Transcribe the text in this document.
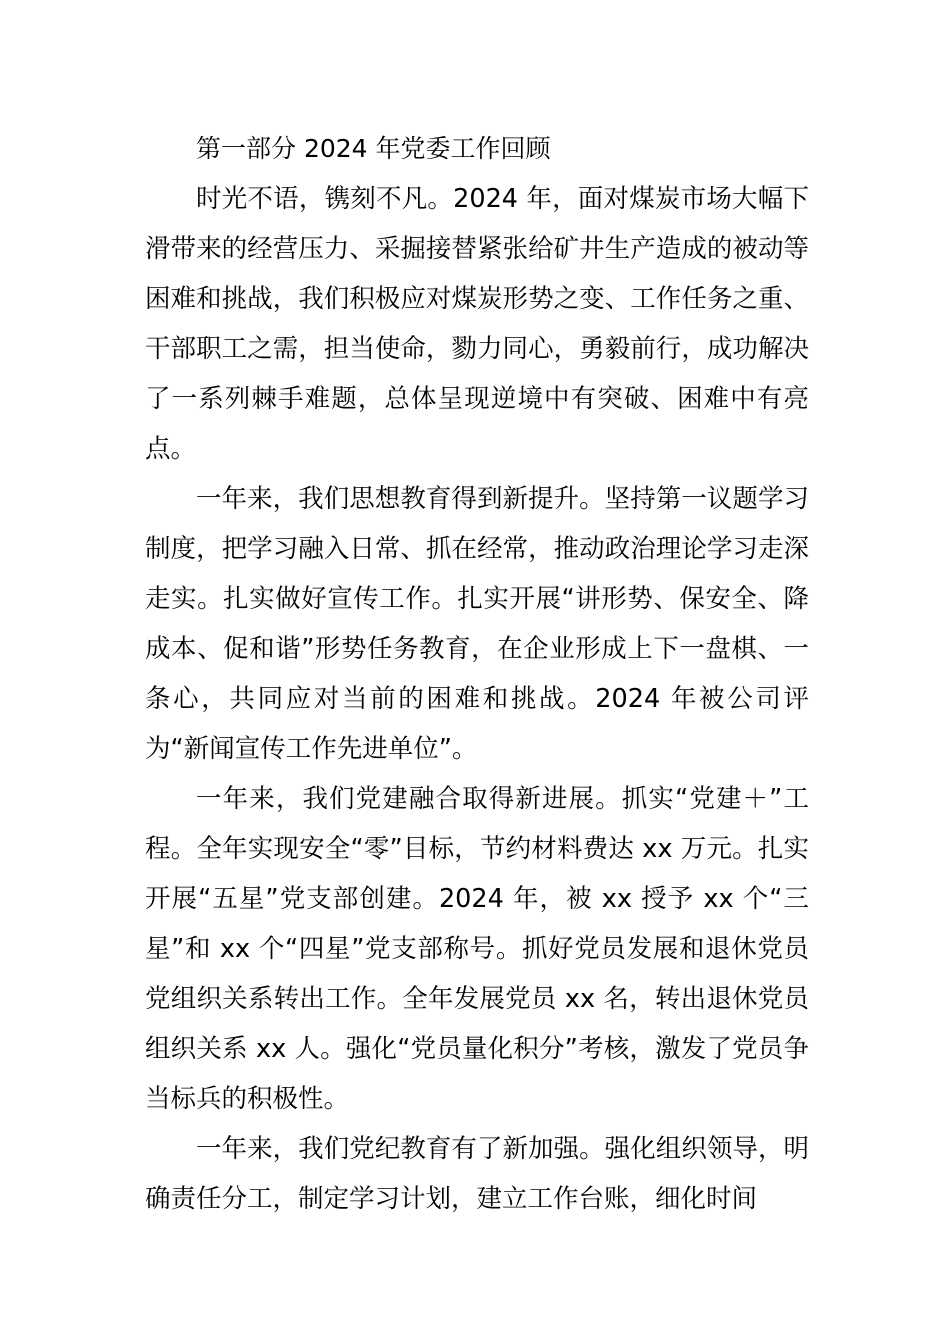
第一部分 2024 年党委工作回顾

时光不语，镌刻不凡。2024 年，面对煤炭市场大幅下滑带来的经营压力、采掘接替紧张给矿井生产造成的被动等困难和挑战，我们积极应对煤炭形势之变、工作任务之重、干部职工之需，担当使命，勠力同心，勇毅前行，成功解决了一系列棘手难题，总体呈现逆境中有突破、困难中有亮点。

一年来，我们思想教育得到新提升。坚持第一议题学习制度，把学习融入日常、抓在经常，推动政治理论学习走深走实。扎实做好宣传工作。扎实开展“讲形势、保安全、降成本、促和谐”形势任务教育，在企业形成上下一盘棋、一条心，共同应对当前的困难和挑战。2024 年被公司评为“新闻宣传工作先进单位”。

一年来，我们党建融合取得新进展。抓实“党建＋”工程。全年实现安全“零”目标，节约材料费达 xx 万元。扎实开展“五星”党支部创建。2024 年，被 xx 授予 xx 个“三星”和 xx 个“四星”党支部称号。抓好党员发展和退休党员党组织关系转出工作。全年发展党员 xx 名，转出退休党员组织关系 xx 人。强化“党员量化积分”考核，激发了党员争当标兵的积极性。

一年来，我们党纪教育有了新加强。强化组织领导，明确责任分工，制定学习计划，建立工作台账，细化时间
